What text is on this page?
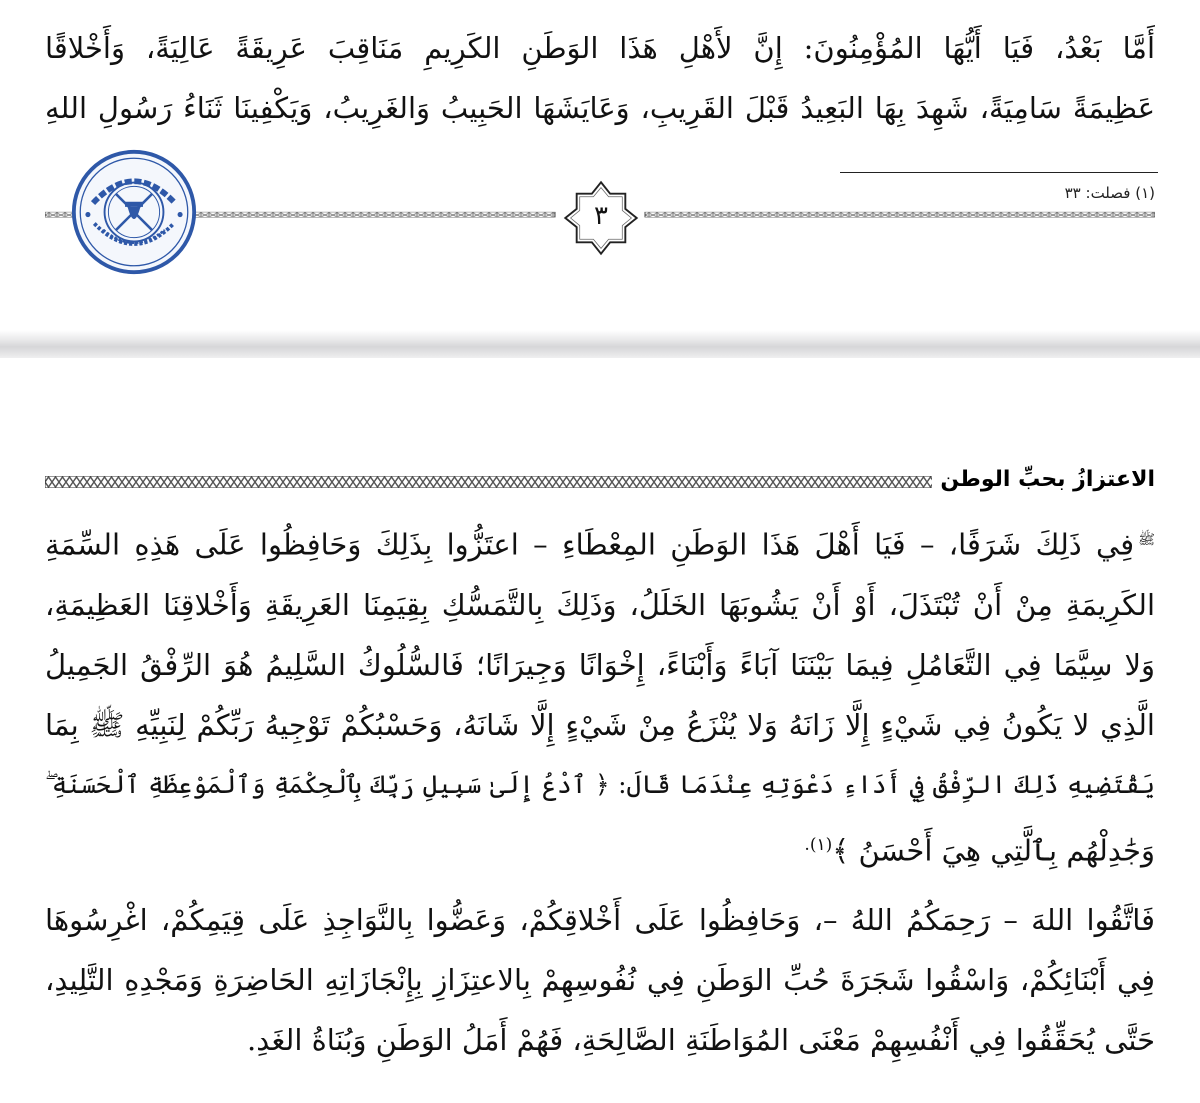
أَمَّا بَعْدُ، فَيَا أَيُّهَا المُؤْمِنُونَ: إِنَّ لأَهْلِ هَذَا الوَطَنِ الكَرِيمِ مَنَاقِبَ عَرِيقَةً عَالِيَةً، وَأَخْلاقًا
عَظِيمَةً سَامِيَةً، شَهِدَ بِهَا البَعِيدُ قَبْلَ القَرِيبِ، وَعَايَشَهَا الحَبِيبُ وَالغَرِيبُ، وَيَكْفِينَا ثَنَاءُ رَسُولِ اللهِ
(١) فصلت: ٣٣
٣
الاعتزازُ بحبِّ الوطن
ﷺفِي ذَلِكَ شَرَفًا، – فَيَا أَهْلَ هَذَا الوَطَنِ المِعْطَاءِ – اعتَزُّوا بِذَلِكَ وَحَافِظُوا عَلَى هَذِهِ السِّمَةِ
الكَرِيمَةِ مِنْ أَنْ تُبْتَذَلَ، أَوْ أَنْ يَشُوبَهَا الخَلَلُ، وَذَلِكَ بِالتَّمَسُّكِ بِقِيَمِنَا العَرِيقَةِ وَأَخْلاقِنَا العَظِيمَةِ،
وَلا سِيَّمَا فِي التَّعَامُلِ فِيمَا بَيْنَنَا آبَاءً وَأَبْنَاءً، إِخْوَانًا وَجِيرَانًا؛ فَالسُّلُوكُ السَّلِيمُ هُوَ الرِّفْقُ الجَمِيلُ
الَّذِي لا يَكُونُ فِي شَيْءٍ إِلَّا زَانَهُ وَلا يُنْزَعُ مِنْ شَيْءٍ إِلَّا شَانَهُ، وَحَسْبُكُمْ تَوْجِيهُ رَبِّكُمْ لِنَبِيِّهِ ﷺ بِمَا
يَقْتَضِيهِ ذَلِكَ الرِّفْقُ فِي أَدَاءِ دَعْوَتِهِ عِنْدَمَا قَالَ: ﴿ ٱدْعُ إِلَىٰ سَبِيلِ رَبِّكَ بِٱلْحِكْمَةِ وَٱلْمَوْعِظَةِ ٱلْحَسَنَةِ ۖ
وَجَٰدِلْهُم بِٱلَّتِي هِيَ أَحْسَنُ ﴾$^{(١).}$
فَاتَّقُوا اللهَ – رَحِمَكُمُ اللهُ –، وَحَافِظُوا عَلَى أَخْلاقِكُمْ، وَعَضُّوا بِالنَّوَاجِذِ عَلَى قِيَمِكُمْ، اغْرِسُوهَا
فِي أَبْنَائِكُمْ، وَاسْقُوا شَجَرَةَ حُبِّ الوَطَنِ فِي نُفُوسِهِمْ بِالاعتِزَازِ بِإِنْجَازَاتِهِ الحَاضِرَةِ وَمَجْدِهِ التَّلِيدِ،
حَتَّى يُحَقِّقُوا فِي أَنْفُسِهِمْ مَعْنَى المُوَاطَنَةِ الصَّالِحَةِ، فَهُمْ أَمَلُ الوَطَنِ وَبُنَاةُ الغَدِ.
